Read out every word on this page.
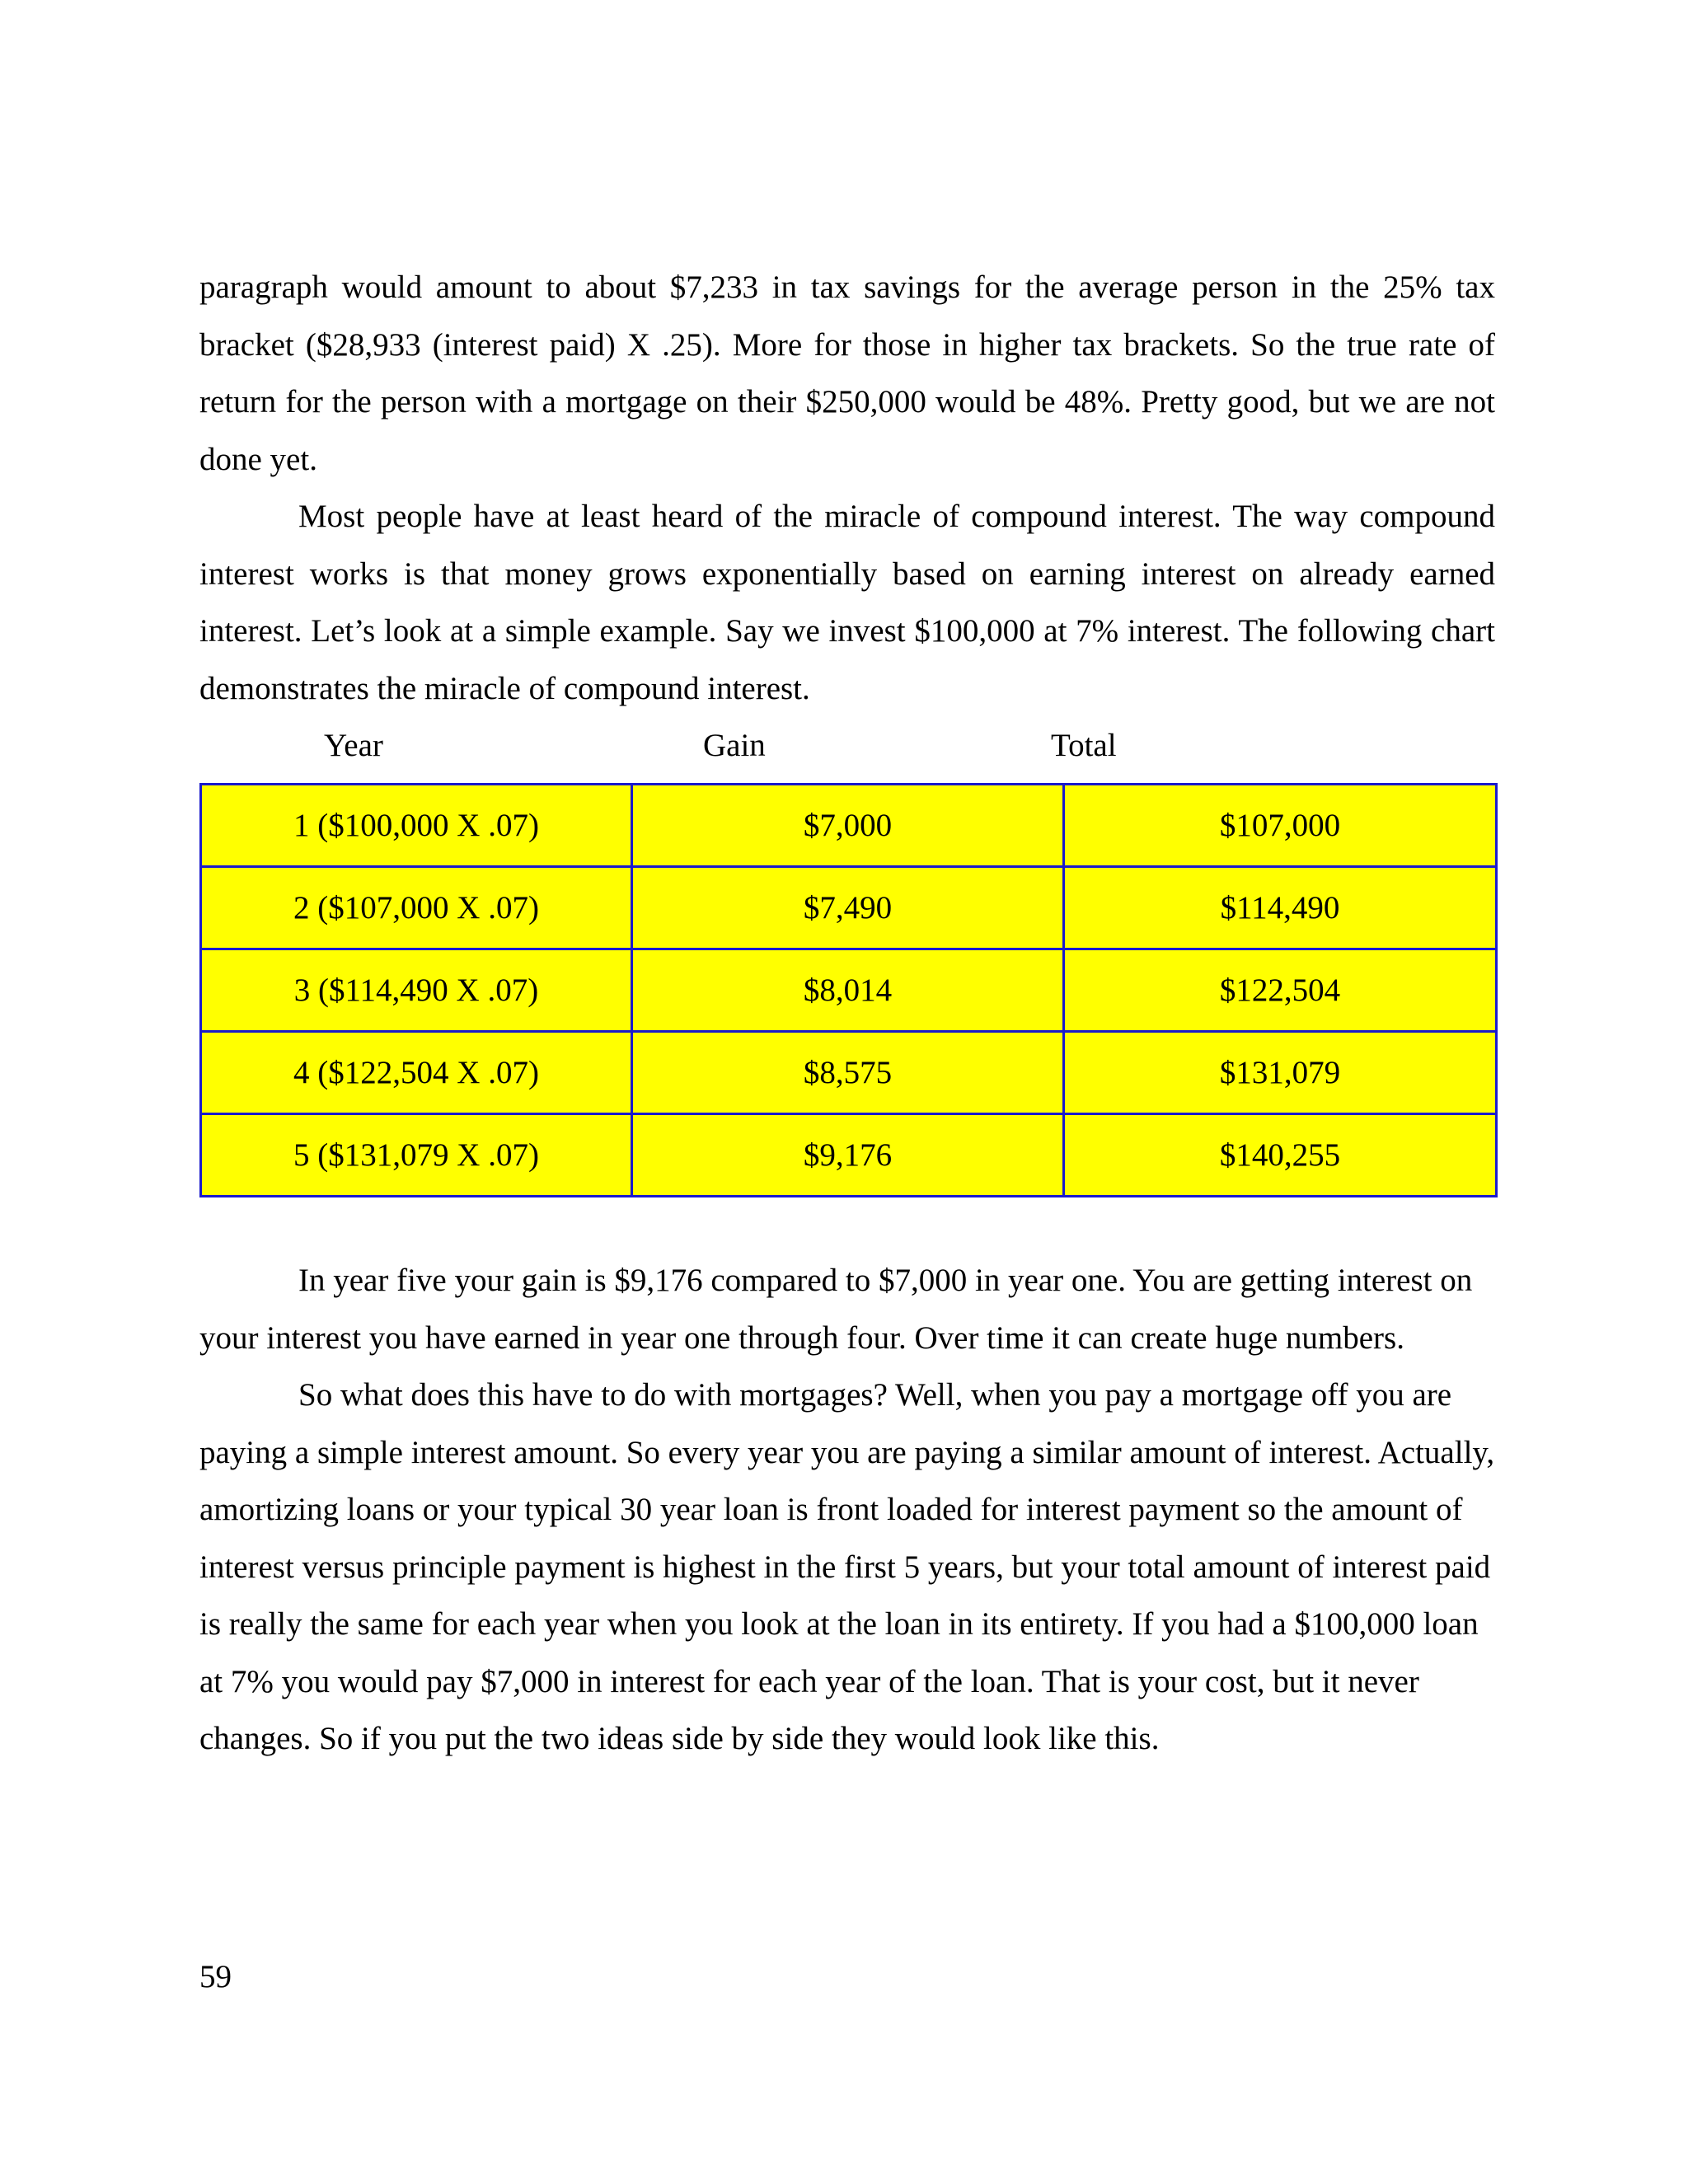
paragraph would amount to about $7,233 in tax savings for the average person in the 25% tax bracket ($28,933 (interest paid) X .25). More for those in higher tax brackets. So the true rate of return for the person with a mortgage on their $250,000 would be 48%. Pretty good, but we are not done yet.

Most people have at least heard of the miracle of compound interest. The way compound interest works is that money grows exponentially based on earning interest on already earned interest. Let’s look at a simple example. Say we invest $100,000 at 7% interest. The following chart demonstrates the miracle of compound interest.

Year	Gain	Total
1 ($100,000 X .07)	$7,000	$107,000
2 ($107,000 X .07)	$7,490	$114,490
3 ($114,490 X .07)	$8,014	$122,504
4 ($122,504 X .07)	$8,575	$131,079
5 ($131,079 X .07)	$9,176	$140,255

In year five your gain is $9,176 compared to $7,000 in year one. You are getting interest on your interest you have earned in year one through four. Over time it can create huge numbers.

So what does this have to do with mortgages? Well, when you pay a mortgage off you are paying a simple interest amount. So every year you are paying a similar amount of interest. Actually, amortizing loans or your typical 30 year loan is front loaded for interest payment so the amount of interest versus principle payment is highest in the first 5 years, but your total amount of interest paid is really the same for each year when you look at the loan in its entirety. If you had a $100,000 loan at 7% you would pay $7,000 in interest for each year of the loan. That is your cost, but it never changes. So if you put the two ideas side by side they would look like this.

59
